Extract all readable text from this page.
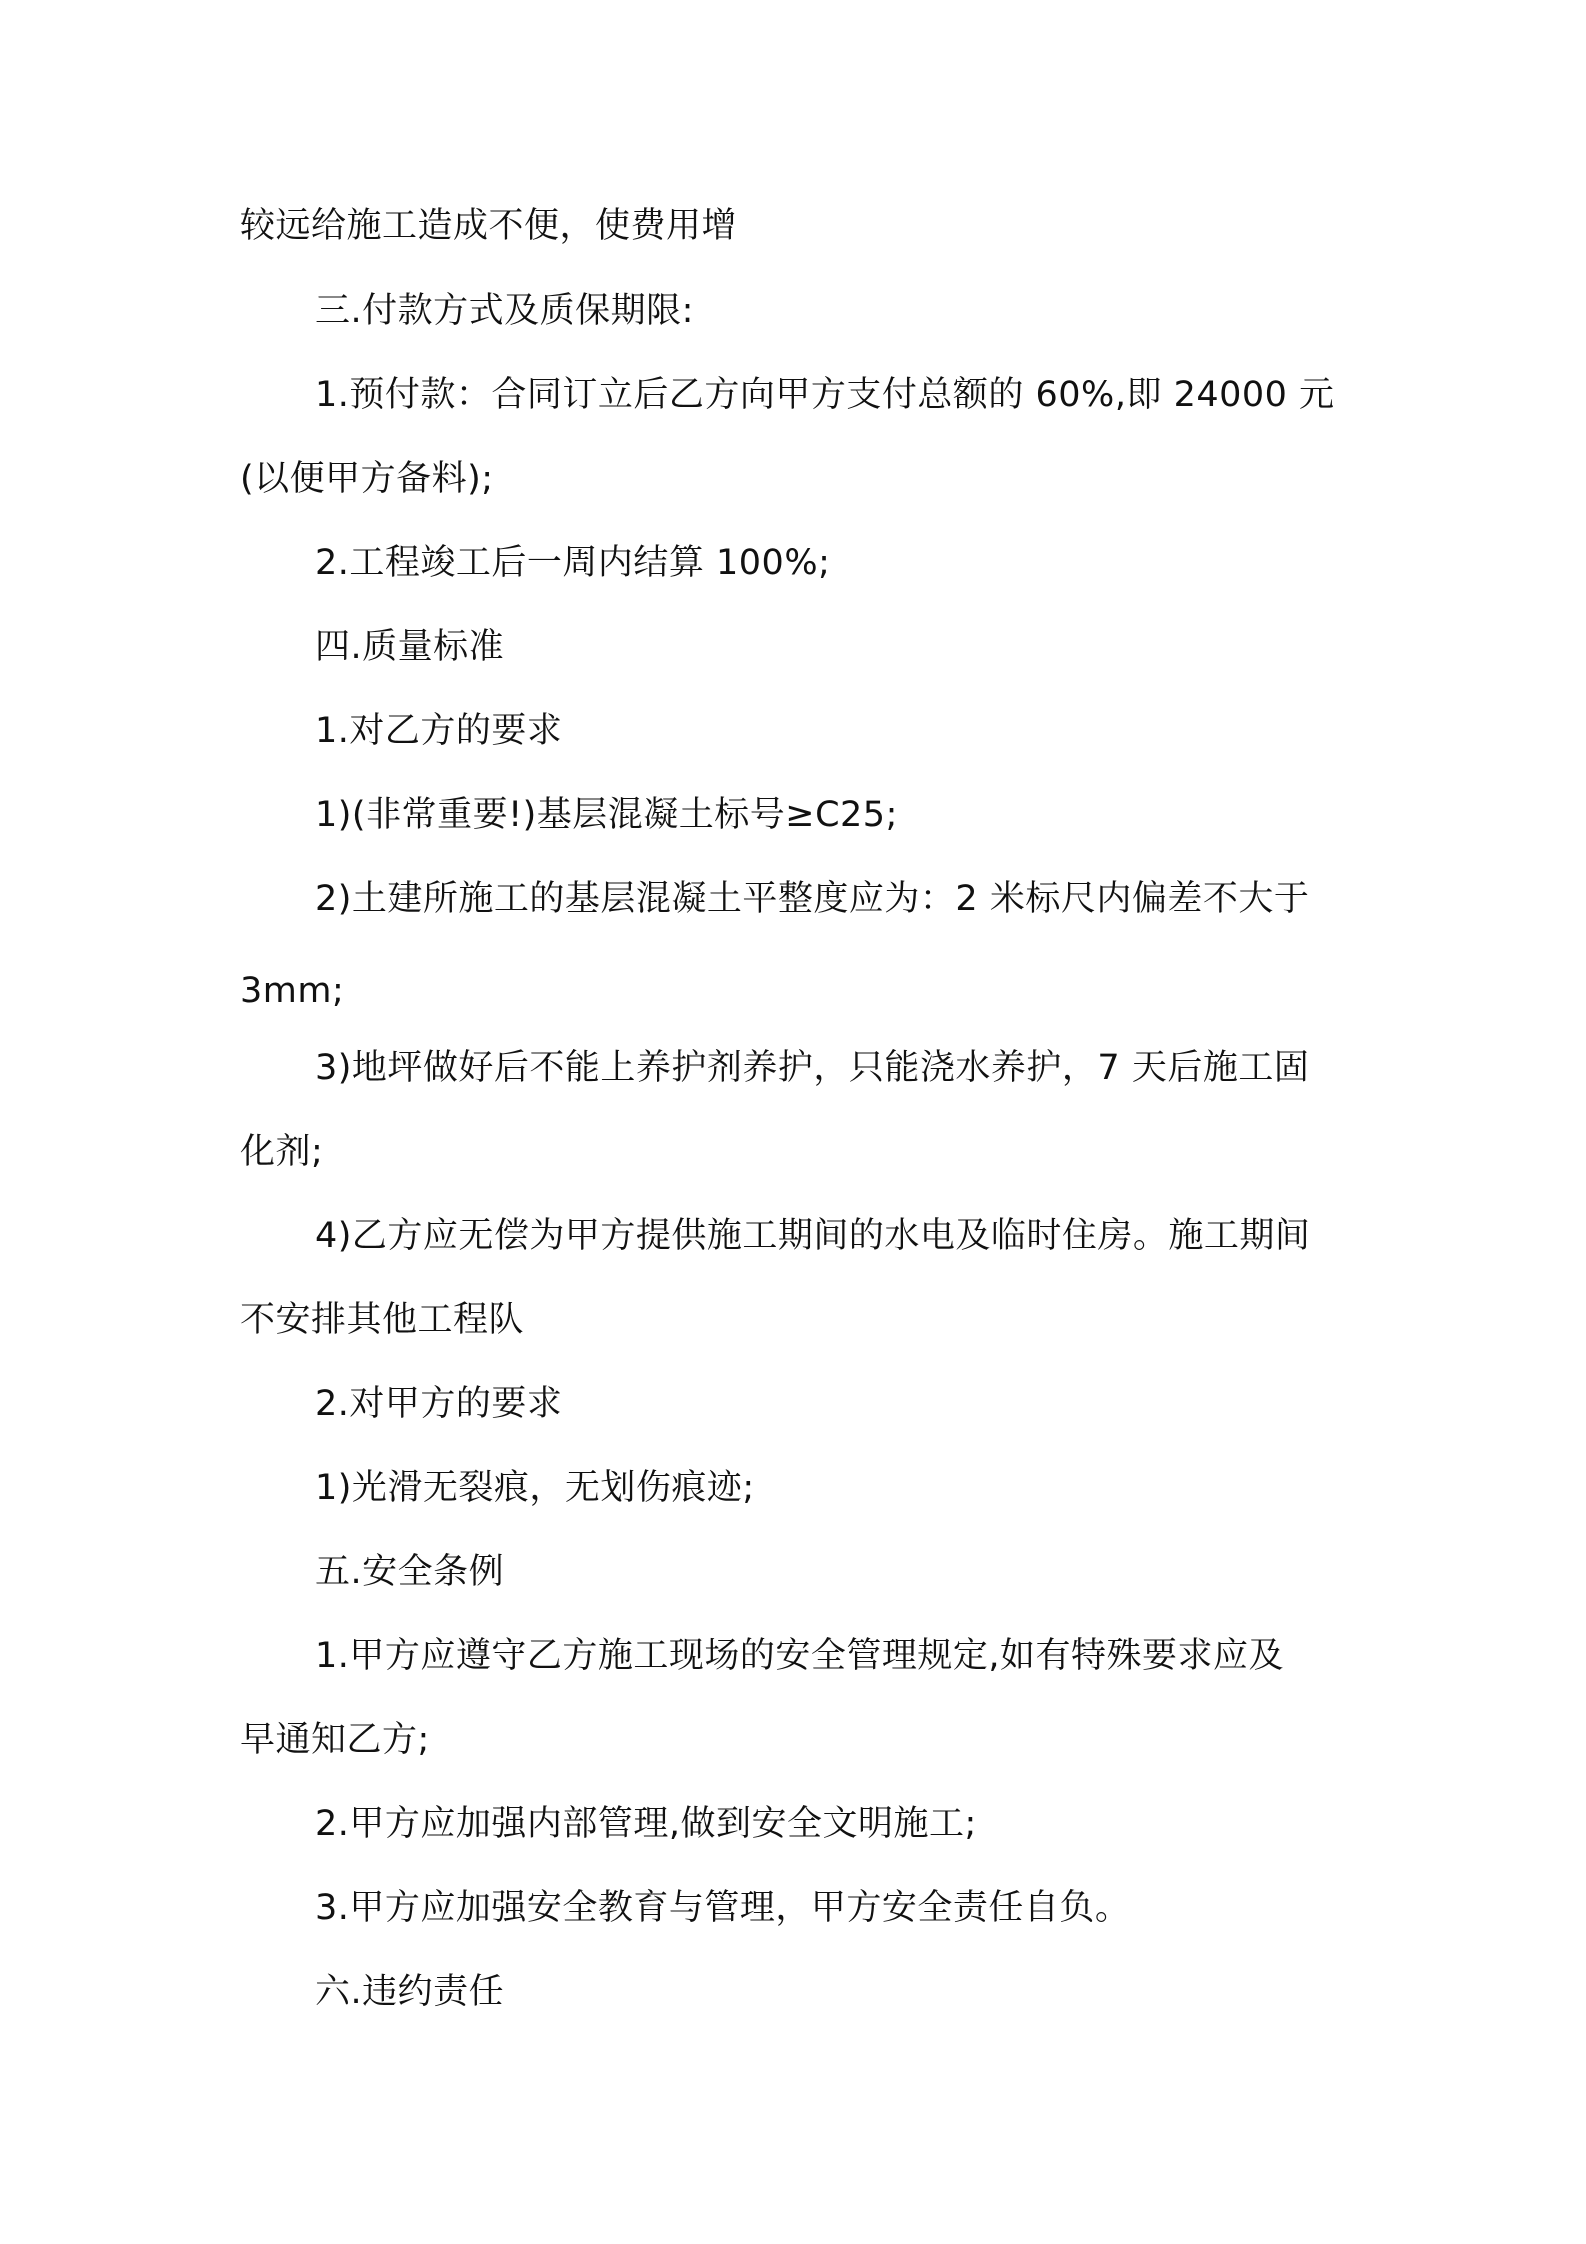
较远给施工造成不便，使费用增
三.付款方式及质保期限:
1.预付款：合同订立后乙方向甲方支付总额的 60%,即 24000 元
(以便甲方备料);
2.工程竣工后一周内结算 100%;
四.质量标准
1.对乙方的要求
1)(非常重要!)基层混凝土标号≥C25;
2)土建所施工的基层混凝土平整度应为：2 米标尺内偏差不大于
3mm;
3)地坪做好后不能上养护剂养护，只能浇水养护，7 天后施工固
化剂;
4)乙方应无偿为甲方提供施工期间的水电及临时住房。施工期间
不安排其他工程队
2.对甲方的要求
1)光滑无裂痕，无划伤痕迹;
五.安全条例
1.甲方应遵守乙方施工现场的安全管理规定,如有特殊要求应及
早通知乙方;
2.甲方应加强内部管理,做到安全文明施工;
3.甲方应加强安全教育与管理，甲方安全责任自负。
六.违约责任
